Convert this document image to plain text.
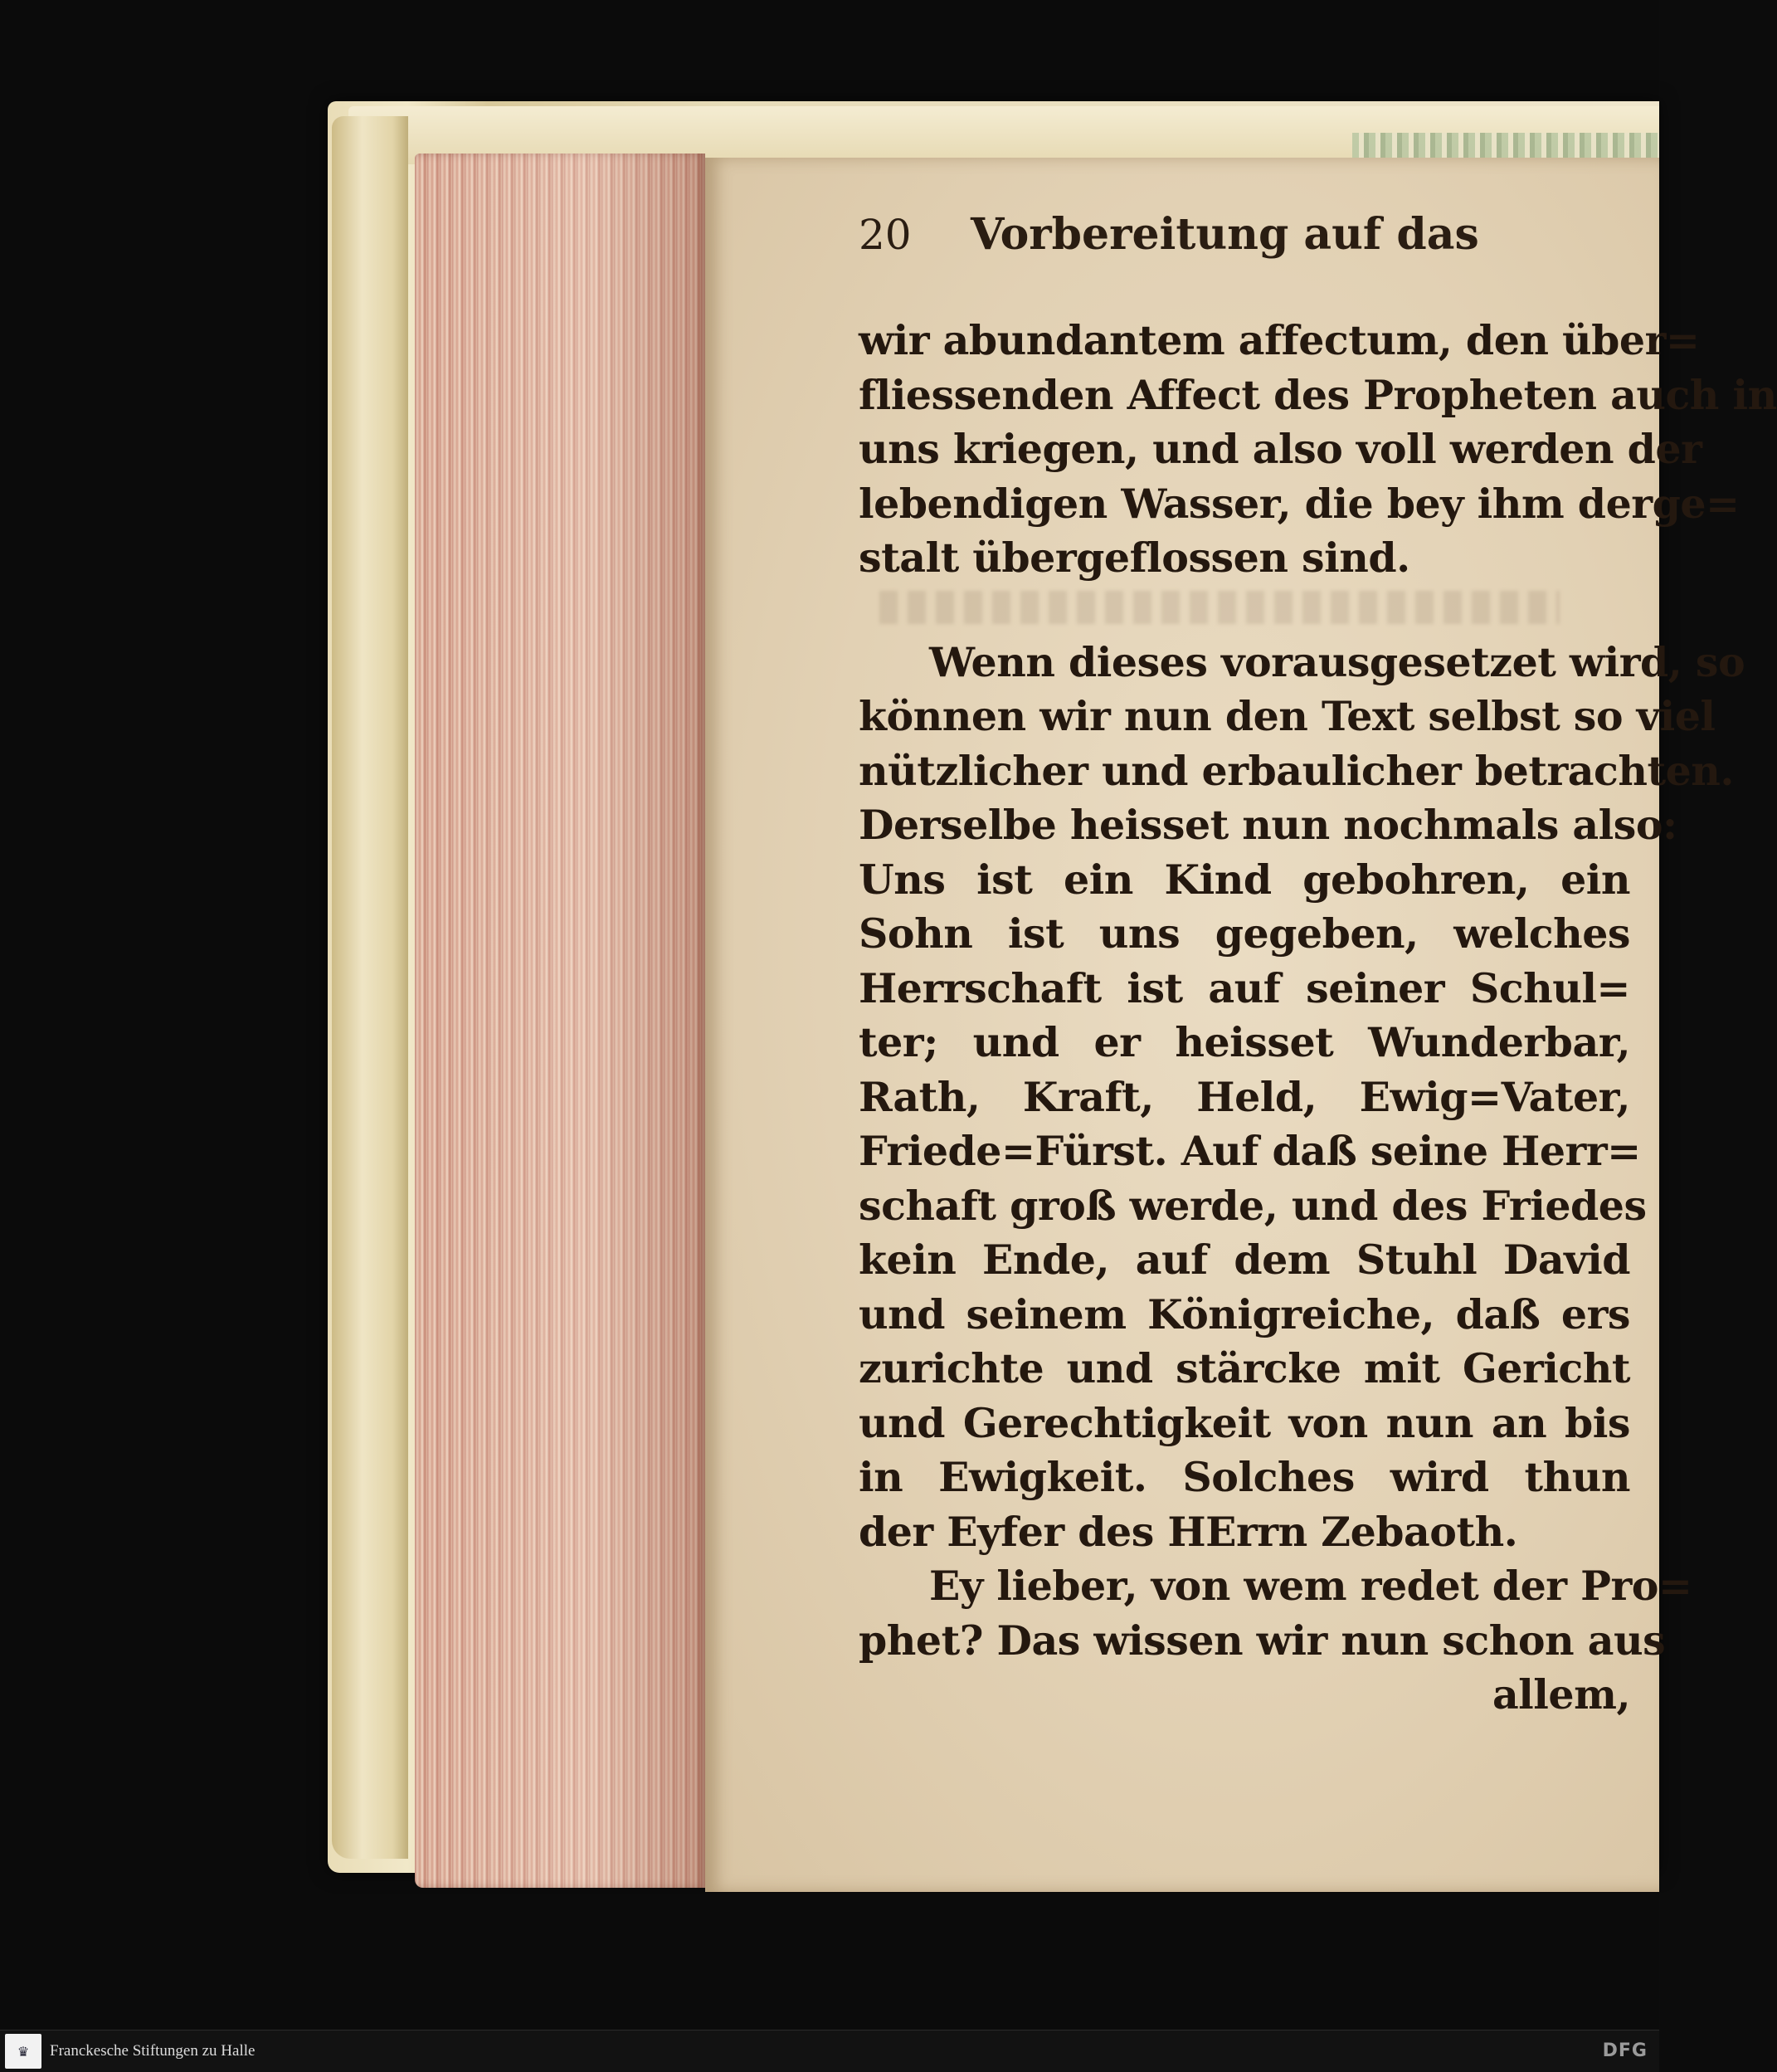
20 Vorbereitung auf das
wir abundantem affectum, den über=
fliessenden Affect des Propheten auch in
uns kriegen, und also voll werden der
lebendigen Wasser, die bey ihm derge=
stalt übergeflossen sind.
Wenn dieses vorausgesetzet wird, so
können wir nun den Text selbst so viel
nützlicher und erbaulicher betrachten.
Derselbe heisset nun nochmals also:
Uns ist ein Kind gebohren, ein
Sohn ist uns gegeben, welches
Herrschaft ist auf seiner Schul=
ter; und er heisset Wunderbar,
Rath, Kraft, Held, Ewig=Vater,
Friede=Fürst. Auf daß seine Herr=
schaft groß werde, und des Friedes
kein Ende, auf dem Stuhl David
und seinem Königreiche, daß ers
zurichte und stärcke mit Gericht
und Gerechtigkeit von nun an bis
in Ewigkeit. Solches wird thun
der Eyfer des HErrn Zebaoth.
Ey lieber, von wem redet der Pro=
phet? Das wissen wir nun schon aus
allem,
♛	Franckesche Stiftungen zu Halle	DFG
